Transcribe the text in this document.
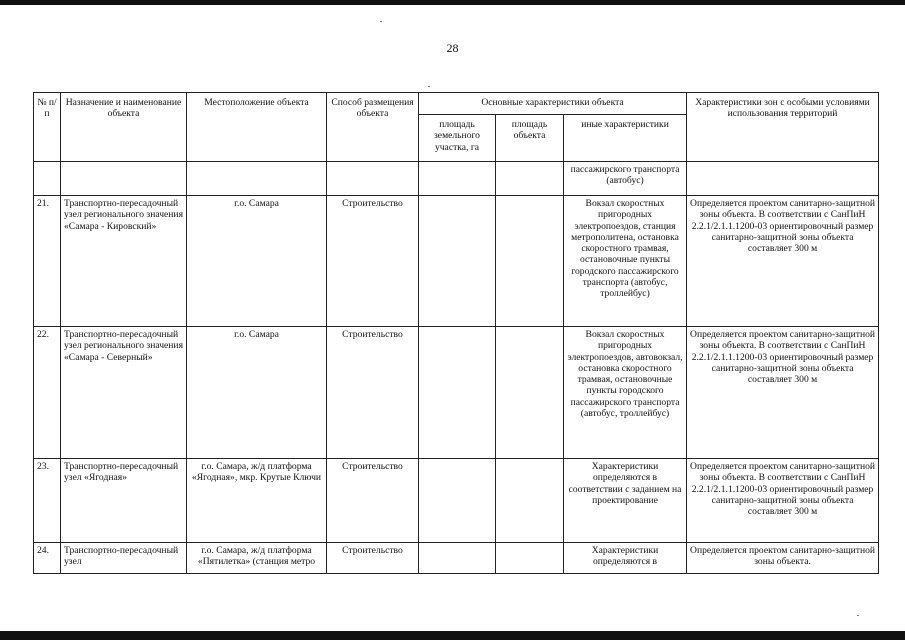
28
№ п/п	Назначение и наименование объекта	Местоположение объекта	Способ размещения объекта	Основные характеристики объекта			Характеристики зон с особыми условиями использования территорий
				площадь земельного участка, га	площадь объекта	иные характеристики	
						пассажирского транспорта (автобус)	
21.	Транспортно-пересадочный узел регионального значения «Самара - Кировский»	г.о. Самара	Строительство			Вокзал скоростных пригородных электропоездов, станция метрополитена, остановка скоростного трамвая, остановочные пункты городского пассажирского транспорта (автобус, троллейбус)	Определяется проектом санитарно-защитной зоны объекта. В соответствии с СанПиН 2.2.1/2.1.1.1200-03 ориентировочный размер санитарно-защитной зоны объекта составляет 300 м
22.	Транспортно-пересадочный узел регионального значения «Самара - Северный»	г.о. Самара	Строительство			Вокзал скоростных пригородных электропоездов, автовокзал, остановка скоростного трамвая, остановочные пункты городского пассажирского транспорта (автобус, троллейбус)	Определяется проектом санитарно-защитной зоны объекта. В соответствии с СанПиН 2.2.1/2.1.1.1200-03 ориентировочный размер санитарно-защитной зоны объекта составляет 300 м
23.	Транспортно-пересадочный узел «Ягодная»	г.о. Самара, ж/д платформа «Ягодная», мкр. Крутые Ключи	Строительство			Характеристики определяются в соответствии с заданием на проектирование	Определяется проектом санитарно-защитной зоны объекта. В соответствии с СанПиН 2.2.1/2.1.1.1200-03 ориентировочный размер санитарно-защитной зоны объекта составляет 300 м
24.	Транспортно-пересадочный узел	г.о. Самара, ж/д платформа «Пятилетка» (станция метро	Строительство			Характеристики определяются в	Определяется проектом санитарно-защитной зоны объекта.
